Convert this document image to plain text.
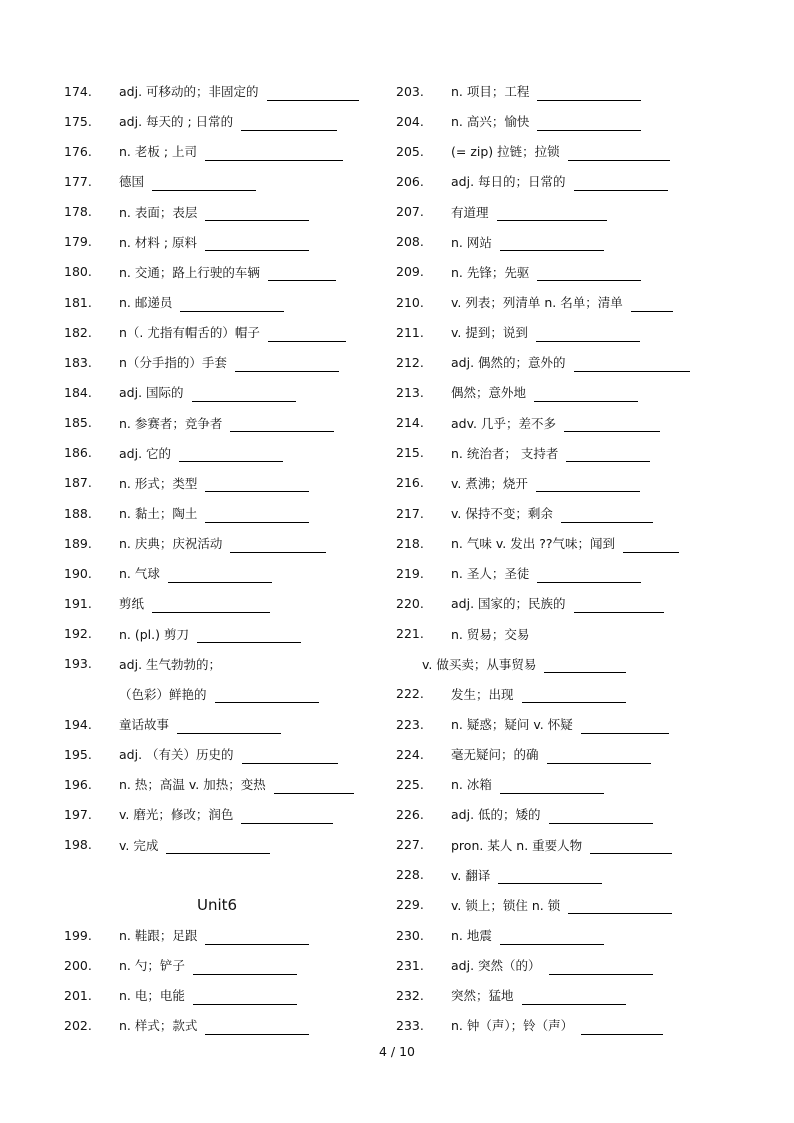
174.	adj. 可移动的；非固定的
175.	adj. 每天的 ; 日常的
176.	n. 老板 ; 上司
177.	德国
178.	n. 表面；表层
179.	n. 材料 ; 原料
180.	n. 交通；路上行驶的车辆
181.	n. 邮递员
182.	n（. 尤指有帽舌的）帽子
183.	n（分手指的）手套
184.	adj. 国际的
185.	n. 参赛者；竞争者
186.	adj. 它的
187.	n. 形式；类型
188.	n. 黏土；陶土
189.	n. 庆典；庆祝活动
190.	n. 气球
191.	剪纸
192.	n. (pl.) 剪刀
193.	adj. 生气勃勃的；
（色彩）鲜艳的
194.	童话故事
195.	adj. （有关）历史的
196.	n. 热；高温 v. 加热；变热
197.	v. 磨光；修改；润色
198.	v. 完成
Unit6
199.	n. 鞋跟；足跟
200.	n. 勺；铲子
201.	n. 电；电能
202.	n. 样式；款式
203.	n. 项目；工程
204.	n. 高兴；愉快
205.	(= zip) 拉链；拉锁
206.	adj. 每日的；日常的
207.	有道理
208.	n. 网站
209.	n. 先锋；先驱
210.	v. 列表；列清单 n. 名单；清单
211.	v. 提到；说到
212.	adj. 偶然的；意外的
213.	偶然；意外地
214.	adv. 几乎；差不多
215.	n. 统治者； 支持者
216.	v. 煮沸；烧开
217.	v. 保持不变；剩余
218.	n. 气味 v. 发出 ??气味；闻到
219.	n. 圣人；圣徒
220.	adj. 国家的；民族的
221.	n. 贸易；交易
v. 做买卖；从事贸易
222.	发生；出现
223.	n. 疑惑；疑问 v. 怀疑
224.	毫无疑问；的确
225.	n. 冰箱
226.	adj. 低的；矮的
227.	pron. 某人 n. 重要人物
228.	v. 翻译
229.	v. 锁上；锁住 n. 锁
230.	n. 地震
231.	adj. 突然（的）
232.	突然；猛地
233.	n. 钟（声）；铃（声）
4 / 10
